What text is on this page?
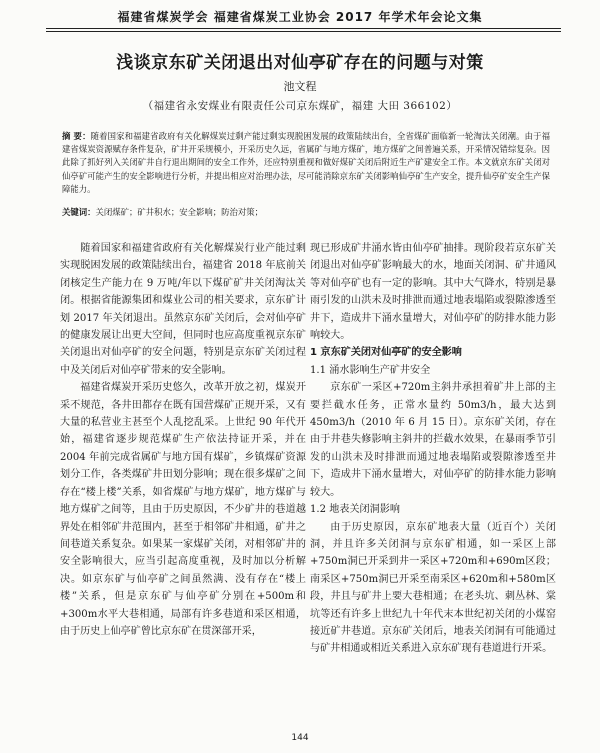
福建省煤炭学会 福建省煤炭工业协会 2017 年学术年会论文集
浅谈京东矿关闭退出对仙亭矿存在的问题与对策
池文程
（福建省永安煤业有限责任公司京东煤矿，福建 大田 366102）
摘 要：随着国家和福建省政府有关化解煤炭过剩产能过剩实现脱困发展的政策陆续出台，全省煤矿面临新一轮淘汰关闭潮。由于福建省煤炭资源赋存条件复杂，矿井开采规模小，开采历史久远，省属矿与地方煤矿，地方煤矿之间普遍关系，开采情况错综复杂。因此除了抓好列入关闭矿井自行退出期间的安全工作外，还应特别重视和做好煤矿关闭后附近生产矿建安全工作。本文就京东矿关闭对仙亭矿可能产生的安全影响进行分析，并提出相应对治理办法，尽可能消除京东矿关闭影响仙亭矿生产安全，提升仙亭矿安全生产保障能力。
关键词：关闭煤矿；矿井积水；安全影响；防治对策；

随着国家和福建省政府有关化解煤炭行业产能过剩实现脱困发展的政策陆续出台，福建省 2018 年底前关闭核定生产能力在 9 万吨/年以下煤矿矿井关闭淘汰关闭。根据省能源集团和煤业公司的相关要求，京东矿计划 2017 年关闭退出。虽然京东矿关闭后，会对仙亭矿的健康发展让出更大空间，但同时也应高度重视京东矿关闭退出对仙亭矿的安全问题，特别是京东矿关闭过程中及关闭后对仙亭矿带来的安全影响。

福建省煤炭开采历史悠久，改革开放之初，煤炭开采不规范，各井田都存在既有国营煤矿正规开采，又有大量的私营业主甚至个人乱挖乱采。上世纪 90 年代开始，福建省逐步规范煤矿生产依法持证开采，并在 2004 年前完成省属矿与地方国有煤矿，乡镇煤矿资源划分工作，各类煤矿井田划分影响；现在很多煤矿之间存在“楼上楼”关系，如省煤矿与地方煤矿，地方煤矿与地方煤矿之间等，且由于历史原因，不少矿井的巷道越界处在相邻矿井范围内，甚至于相邻矿井相通，矿井之间巷道关系复杂。如果某一家煤矿关闭，对相邻矿井的安全影响很大，应当引起高度重视，及时加以分析解决。如京东矿与仙亭矿之间虽然满、没有存在“楼上楼”关系，但是京东矿与仙亭矿分别在+500m和+300m水平大巷相通，局部有许多巷道和采区相通，由于历史上仙亭矿曾比京东矿在贯深部开采，

现已形成矿井涌水皆由仙亭矿抽排。现阶段若京东矿关闭退出对仙亭矿影响最大的水，地面关闭洞、矿井通风等对仙亭矿也有一定的影响。其中大气降水，特别是暴雨引发的山洪未及时排泄而通过地表塌陷或裂隙渗透至井下，造成井下涌水量增大，对仙亭矿的防排水能力影响较大。

1 京东矿关闭对仙亭矿的安全影响
1.1 涌水影响生产矿井安全

京东矿一采区+720m主斜井承担着矿井上部的主要拦截水任务，正常水量约 50m3/h，最大达到 450m3/h（2010 年 6 月 15 日）。京东矿关闭，存在由于井巷失修影响主斜井的拦截水效果，在暴雨季节引发的山洪未及时排泄而通过地表塌陷或裂隙渗透至井下，造成井下涌水量增大，对仙亭矿的防排水能力影响较大。

1.2 地表关闭洞影响

由于历史原因，京东矿地表大量（近百个）关闭洞，并且许多关闭洞与京东矿相通，如一采区上部+750m洞已开采到井一采区+720m和+690m区段；南采区+750m洞已开采至南采区+620m和+580m区段，井且与矿井上要大巷相通；在老头坑、刺丛林、棠坑等还有许多上世纪九十年代末本世纪初关闭的小煤窑接近矿井巷道。京东矿关闭后，地表关闭洞有可能通过与矿井相通或相近关系进入京东矿现有巷道进行开采。

144
